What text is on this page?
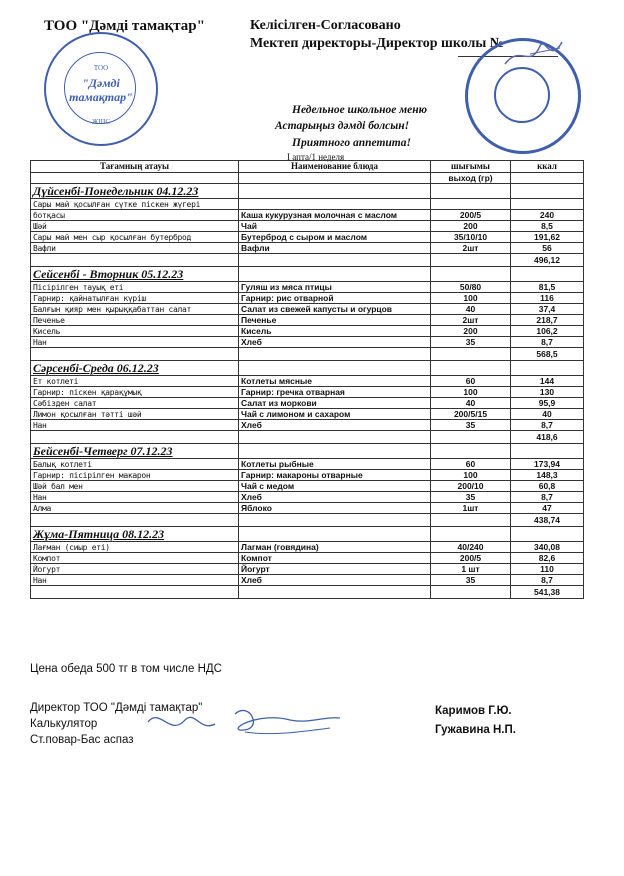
ТОО "Дәмді тамақтар"	Келісілген-Согласовано
Мектеп директоры-Директор школы №
ТОО
"Дәмді
тамақтар"
ЖШС
Недельное школьное меню
Астарыңыз дәмді болсын!
Приятного аппетита!
I апта/1 неделя
Тағамның атауы	Наименование блюда	шығымы	ккал
		выход (гр)	
Дүйсенбі-Понедельник 04.12.23			
Сары май қосылған сүтке піскен жүгері			
ботқасы	Каша кукурузная молочная с маслом	200/5	240
Шәй	Чай	200	8,5
Сары май мен сыр қосылған бутерброд	Бутерброд с сыром и маслом	35/10/10	191,62
Вафли	Вафли	2шт	56
			496,12
Сейсенбі - Вторник 05.12.23			
Пісірілген тауық еті	Гуляш из мяса птицы	50/80	81,5
Гарнир: қайнатылған күріш	Гарнир: рис отварной	100	116
Балғын қияр мен қырыққабаттан салат	Салат из свежей капусты и огурцов	40	37,4
Печенье	Печенье	2шт	218,7
Кисель	Кисель	200	106,2
Нан	Хлеб	35	8,7
			568,5
Сәрсенбі-Среда 06.12.23			
Ет котлеті	Котлеты мясные	60	144
Гарнир: піскен қарақұмық	Гарнир: гречка отварная	100	130
Сәбізден салат	Салат из моркови	40	95,9
Лимон қосылған тәтті шәй	Чай с лимоном и сахаром	200/5/15	40
Нан	Хлеб	35	8,7
			418,6
Бейсенбі-Четверг 07.12.23			
Балық котлеті	Котлеты рыбные	60	173,94
Гарнир: пісірілген макарон	Гарнир: макароны отварные	100	148,3
Шәй бал мен	Чай с медом	200/10	60,8
Нан	Хлеб	35	8,7
Алма	Яблоко	1шт	47
			438,74
Жұма-Пятница 08.12.23			
Лағман (сиыр еті)	Лагман (говядина)	40/240	340,08
Компот	Компот	200/5	82,6
Йогурт	Йогурт	1 шт	110
Нан	Хлеб	35	8,7
			541,38
Цена обеда 500 тг в том числе НДС
Директор ТОО "Дәмді тамақтар"
Калькулятор
Ст.повар-Бас аспаз
Каримов Г.Ю.
Гужавина Н.П.
